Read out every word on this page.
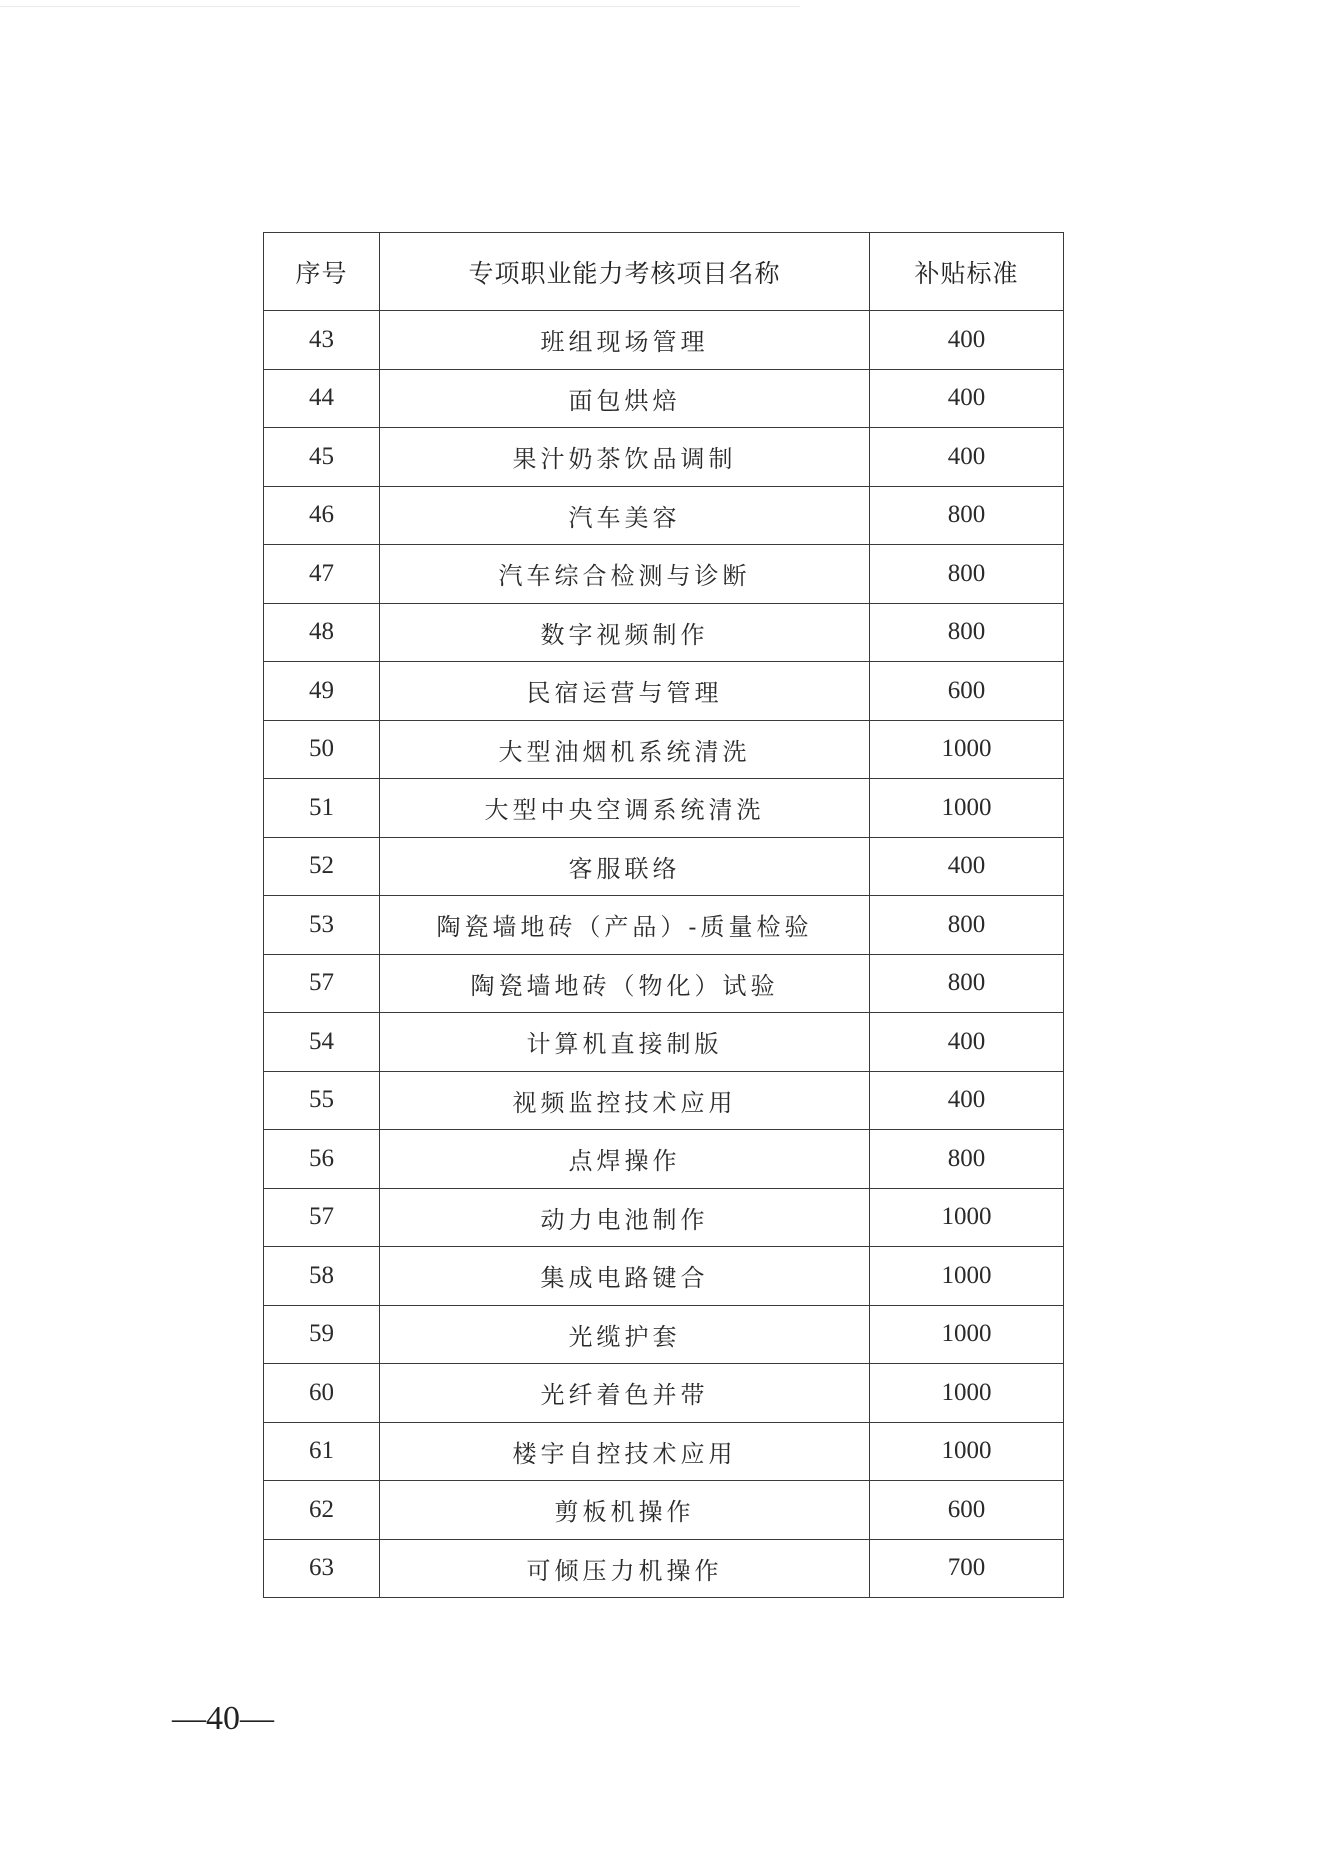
序号	专项职业能力考核项目名称	补贴标准
43	班组现场管理	400
44	面包烘焙	400
45	果汁奶茶饮品调制	400
46	汽车美容	800
47	汽车综合检测与诊断	800
48	数字视频制作	800
49	民宿运营与管理	600
50	大型油烟机系统清洗	1000
51	大型中央空调系统清洗	1000
52	客服联络	400
53	陶瓷墙地砖（产品）-质量检验	800
57	陶瓷墙地砖（物化）试验	800
54	计算机直接制版	400
55	视频监控技术应用	400
56	点焊操作	800
57	动力电池制作	1000
58	集成电路键合	1000
59	光缆护套	1000
60	光纤着色并带	1000
61	楼宇自控技术应用	1000
62	剪板机操作	600
63	可倾压力机操作	700
—40—
